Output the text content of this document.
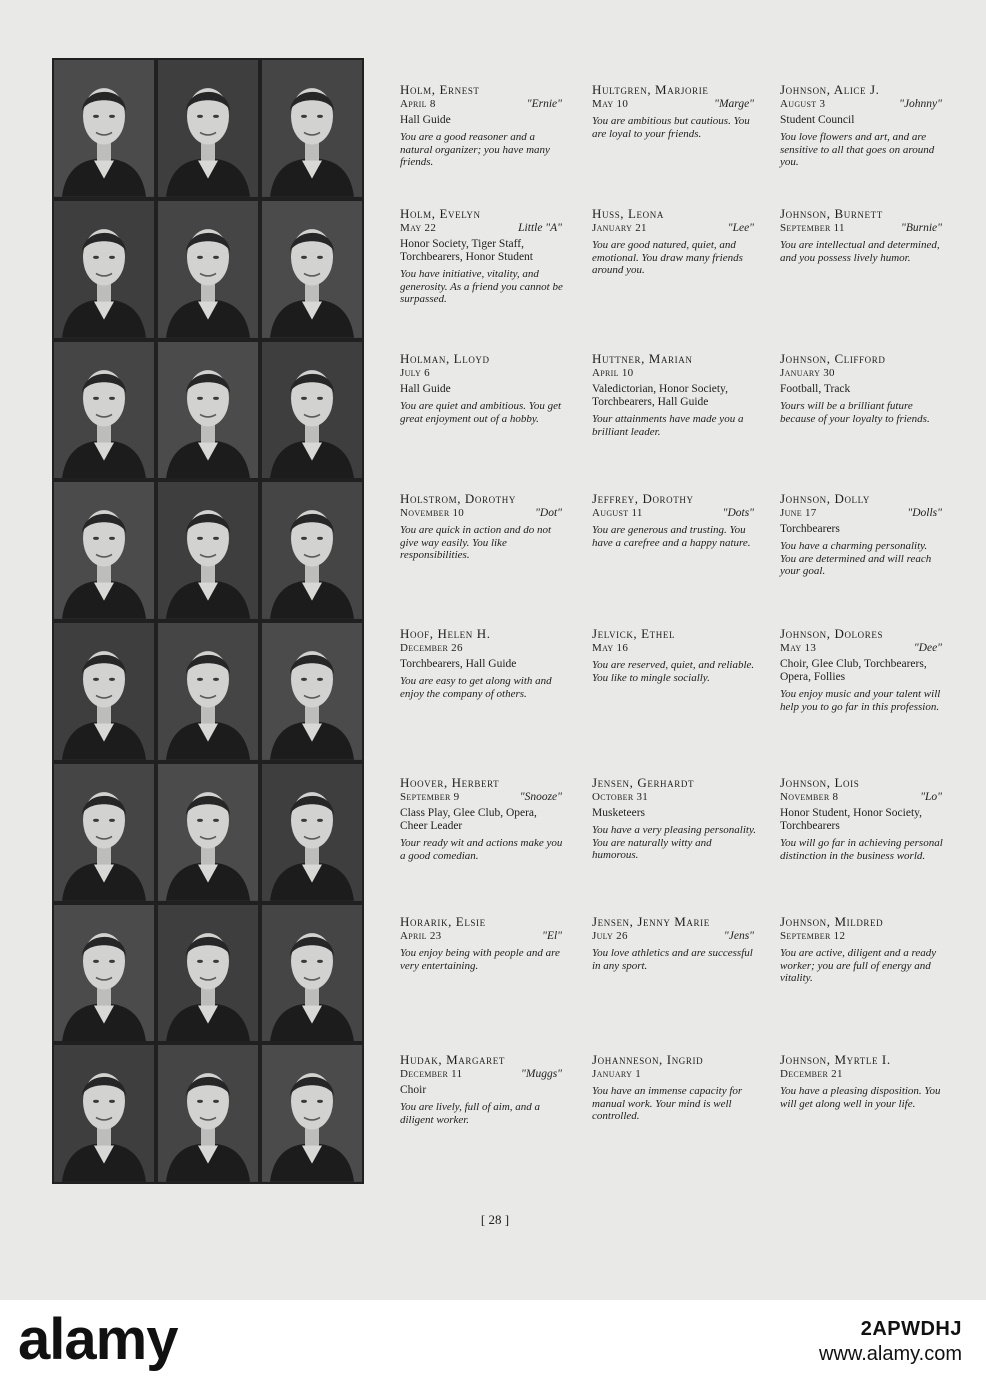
Holm, Ernest
April 8	"Ernie"
Hall Guide
You are a good reasoner and a natural organizer; you have many friends.
Hultgren, Marjorie
May 10	"Marge"
You are ambitious but cautious. You are loyal to your friends.
Johnson, Alice J.
August 3	"Johnny"
Student Council
You love flowers and art, and are sensitive to all that goes on around you.
Holm, Evelyn
May 22	Little "A"
Honor Society, Tiger Staff, Torchbearers, Honor Student
You have initiative, vitality, and generosity. As a friend you cannot be surpassed.
Huss, Leona
January 21	"Lee"
You are good natured, quiet, and emotional. You draw many friends around you.
Johnson, Burnett
September 11	"Burnie"
You are intellectual and determined, and you possess lively humor.
Holman, Lloyd
July 6
Hall Guide
You are quiet and ambitious. You get great enjoyment out of a hobby.
Huttner, Marian
April 10
Valedictorian, Honor Society, Torchbearers, Hall Guide
Your attainments have made you a brilliant leader.
Johnson, Clifford
January 30
Football, Track
Yours will be a brilliant future because of your loyalty to friends.
Holstrom, Dorothy
November 10	"Dot"
You are quick in action and do not give way easily. You like responsibilities.
Jeffrey, Dorothy
August 11	"Dots"
You are generous and trusting. You have a carefree and a happy nature.
Johnson, Dolly
June 17	"Dolls"
Torchbearers
You have a charming personality. You are determined and will reach your goal.
Hoof, Helen H.
December 26
Torchbearers, Hall Guide
You are easy to get along with and enjoy the company of others.
Jelvick, Ethel
May 16
You are reserved, quiet, and reliable. You like to mingle socially.
Johnson, Dolores
May 13	"Dee"
Choir, Glee Club, Torchbearers, Opera, Follies
You enjoy music and your talent will help you to go far in this profession.
Hoover, Herbert
September 9	"Snooze"
Class Play, Glee Club, Opera, Cheer Leader
Your ready wit and actions make you a good comedian.
Jensen, Gerhardt
October 31
Musketeers
You have a very pleasing personality. You are naturally witty and humorous.
Johnson, Lois
November 8	"Lo"
Honor Student, Honor Society, Torchbearers
You will go far in achieving personal distinction in the business world.
Horarik, Elsie
April 23	"El"
You enjoy being with people and are very entertaining.
Jensen, Jenny Marie
July 26	"Jens"
You love athletics and are successful in any sport.
Johnson, Mildred
September 12
You are active, diligent and a ready worker; you are full of energy and vitality.
Hudak, Margaret
December 11	"Muggs"
Choir
You are lively, full of aim, and a diligent worker.
Johanneson, Ingrid
January 1
You have an immense capacity for manual work. Your mind is well controlled.
Johnson, Myrtle I.
December 21
You have a pleasing disposition. You will get along well in your life.
[ 28 ]
alamy	2APWDHJ
www.alamy.com
